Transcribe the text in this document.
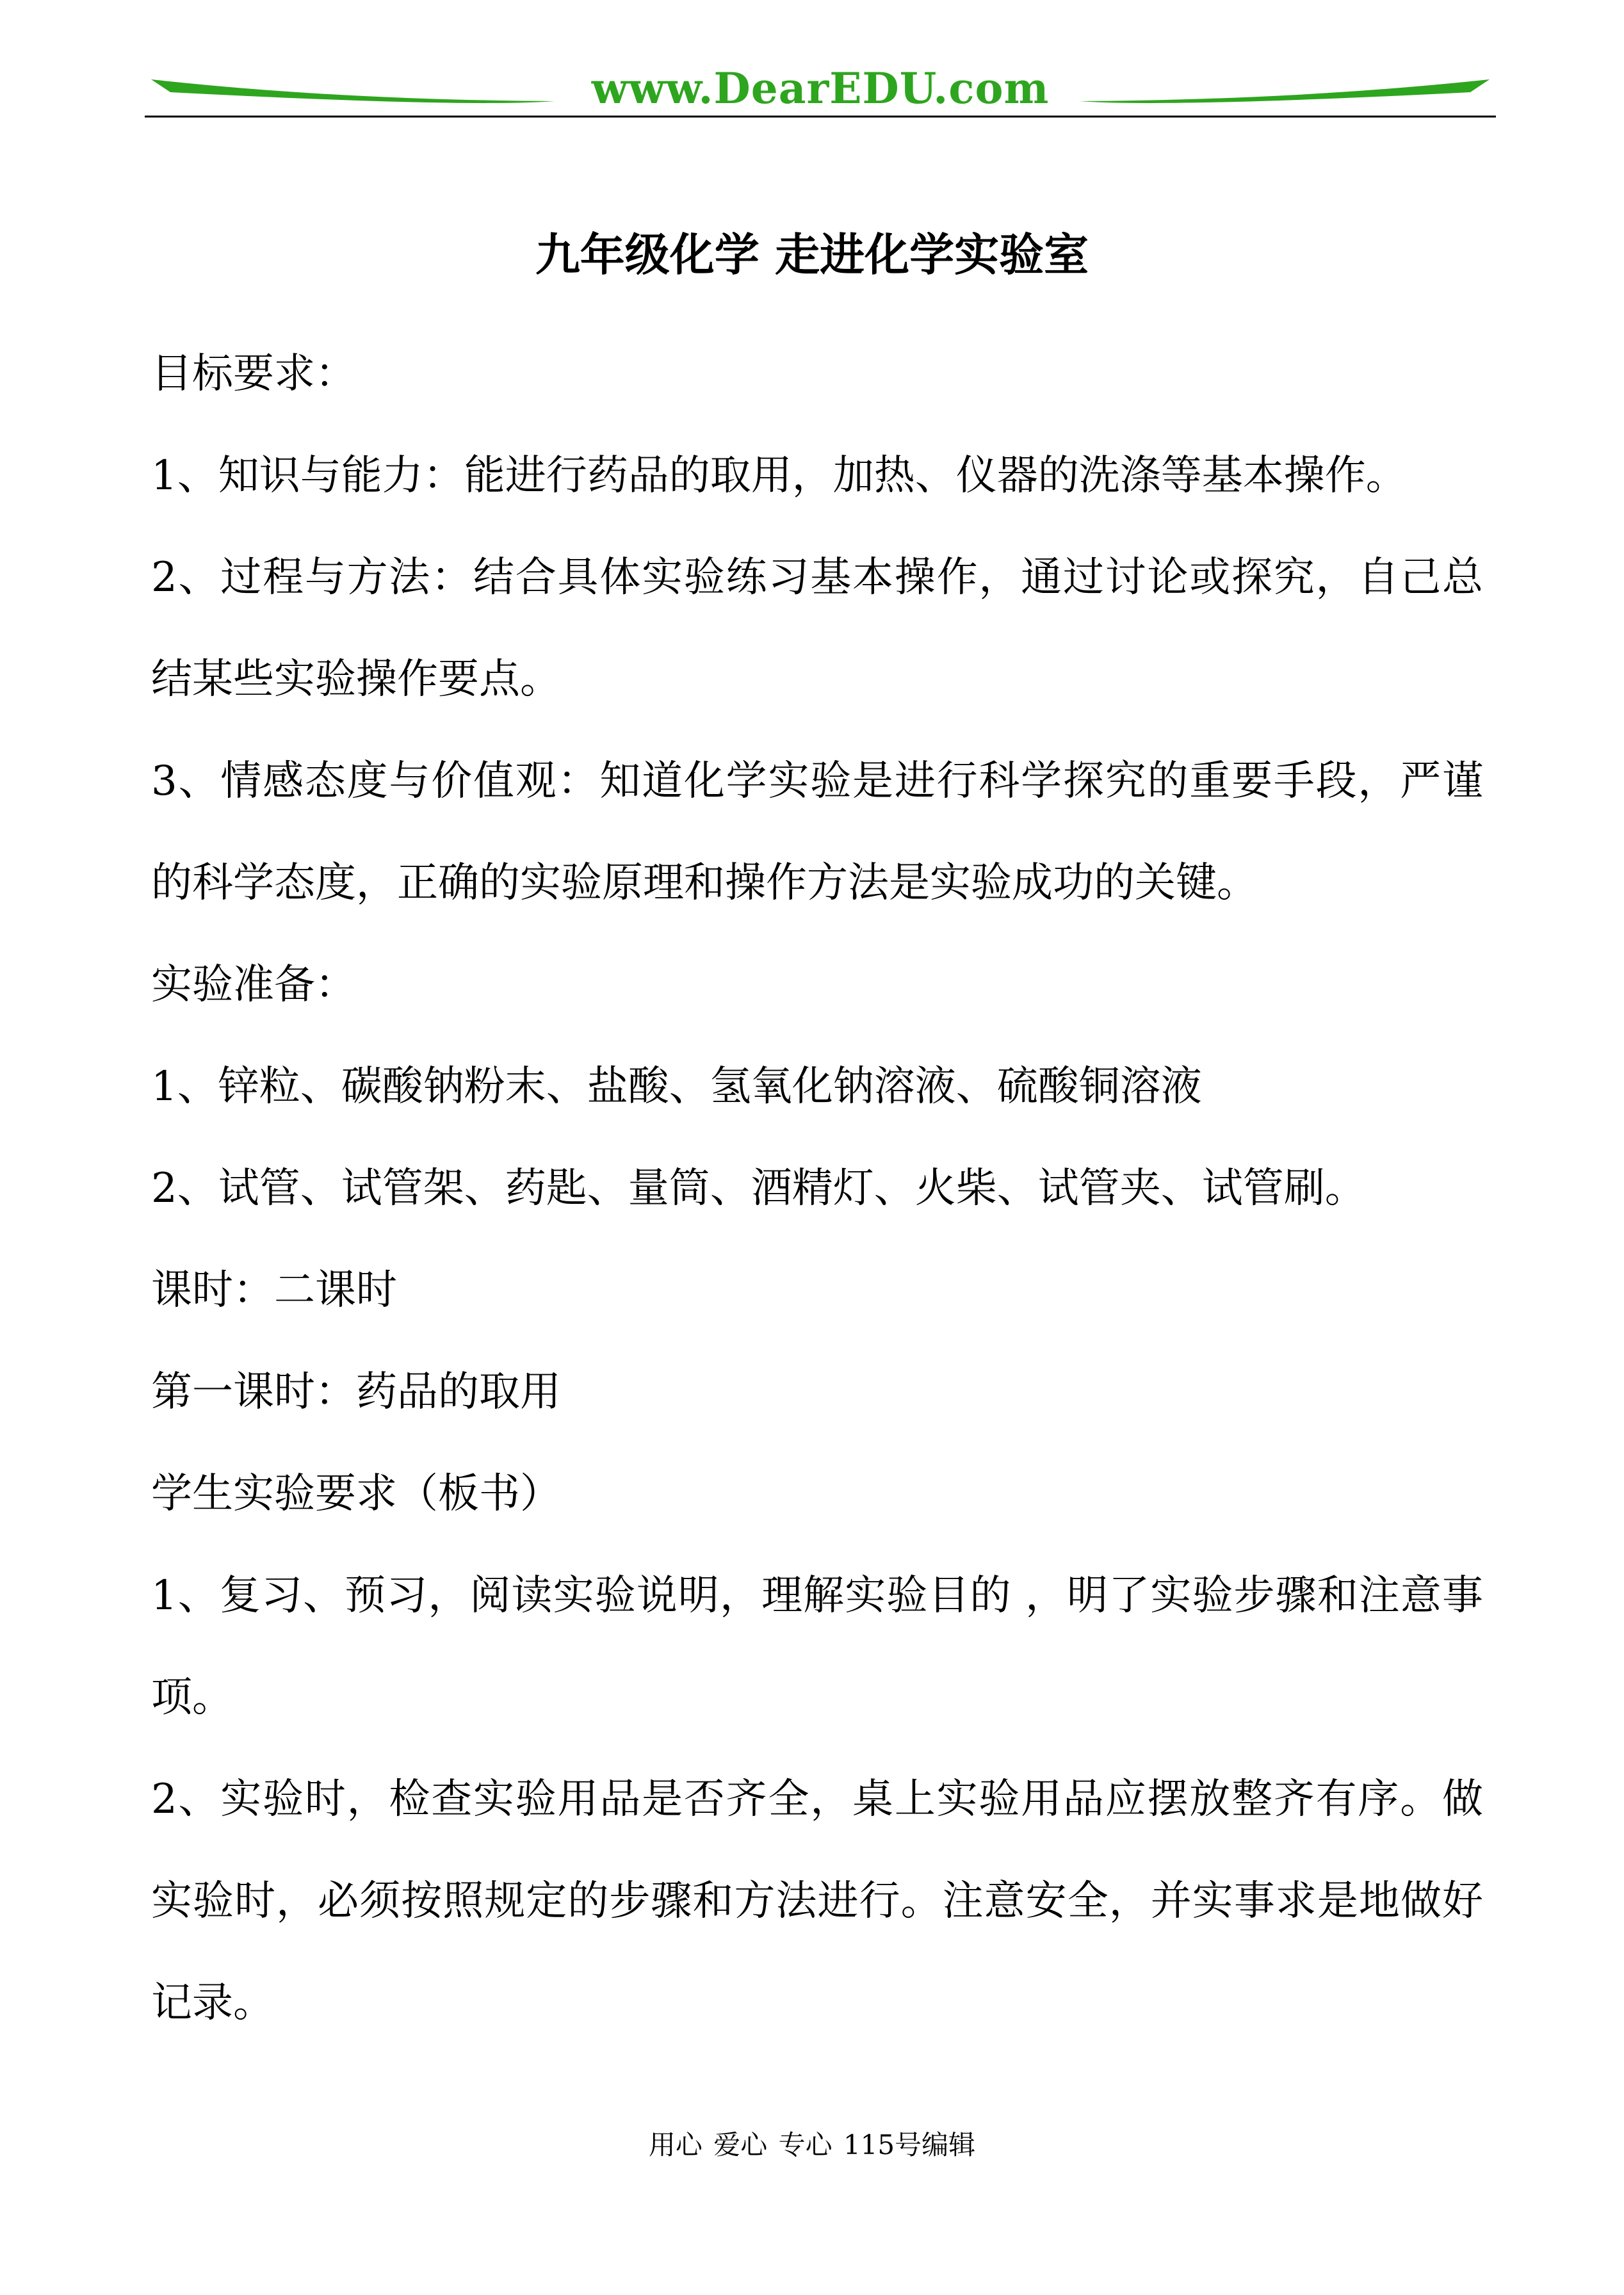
www.DearEDU.com
九年级化学 走进化学实验室

目标要求：

1、知识与能力：能进行药品的取用，加热、仪器的洗涤等基本操作。

2、过程与方法：结合具体实验练习基本操作，通过讨论或探究，自己总结某些实验操作要点。

3、情感态度与价值观：知道化学实验是进行科学探究的重要手段，严谨的科学态度，正确的实验原理和操作方法是实验成功的关键。

实验准备：

1、锌粒、碳酸钠粉末、盐酸、氢氧化钠溶液、硫酸铜溶液

2、试管、试管架、药匙、量筒、酒精灯、火柴、试管夹、试管刷。

课时：二课时

第一课时：药品的取用

学生实验要求（板书）

1、复习、预习，阅读实验说明，理解实验目的 ，明了实验步骤和注意事项。

2、实验时，检查实验用品是否齐全，桌上实验用品应摆放整齐有序。做实验时，必须按照规定的步骤和方法进行。注意安全，并实事求是地做好记录。

用心 爱心 专心 115号编辑
